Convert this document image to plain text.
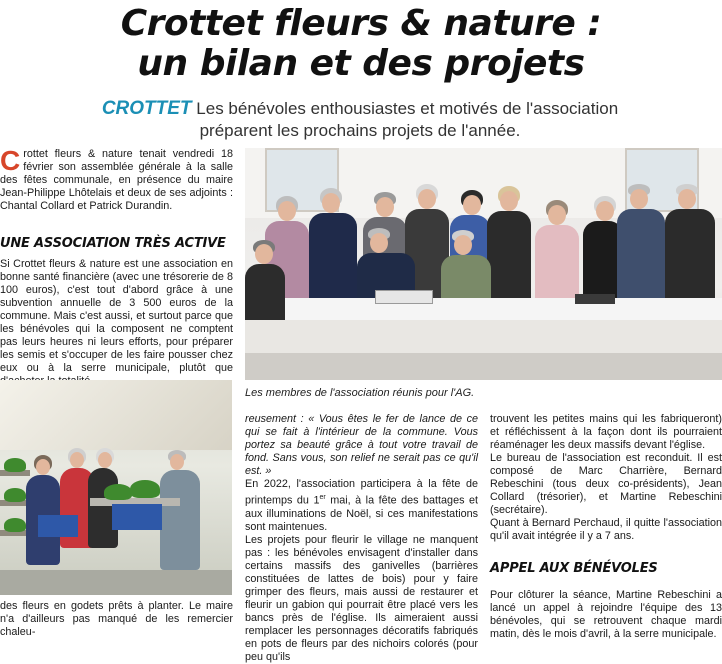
Crottet fleurs & nature :
un bilan et des projets
CROTTET Les bénévoles enthousiastes et motivés de l'association
préparent les prochains projets de l'année.
Crottet fleurs & nature tenait vendredi 18 février son assemblée générale à la salle des fêtes communale, en présence du maire Jean-Philippe Lhôtelais et deux de ses adjoints : Chantal Collard et Patrick Durandin.
UNE ASSOCIATION TRÈS ACTIVE
Si Crottet fleurs & nature est une association en bonne santé financière (avec une trésorerie de 8 100 euros), c'est tout d'abord grâce à une subvention annuelle de 3 500 euros de la commune. Mais c'est aussi, et surtout parce que les bénévoles qui la composent ne comptent pas leurs heures ni leurs efforts, pour préparer les semis et s'occuper de les faire pousser chez eux ou à la serre municipale, plutôt que
des fleurs en godets prêts à planter. Le maire n'a d'ailleurs pas manqué de les remercier chaleu-
Les membres de l'association réunis pour l'AG.

reusement : « Vous êtes le fer de lance de ce qui se fait à l'intérieur de la commune. Vous portez sa beauté grâce à tout votre travail de fond. Sans vous, son relief ne serait pas ce qu'il est. »

En 2022, l'association participera à la fête de printemps du 1er mai, à la fête des battages et aux illuminations de Noël, si ces manifestations sont maintenues.

Les projets pour fleurir le village ne manquent pas : les bénévoles envisagent d'installer dans certains massifs des ganivelles (barrières constituées de lattes de bois) pour y faire grimper des fleurs, mais aussi de restaurer et fleurir un gabion qui pourrait être placé vers les bancs près de l'église. Ils aimeraient aussi remplacer les personnages décoratifs fabriqués en pots de fleurs par des nichoirs colorés (pour peu qu'ils

trouvent les petites mains qui les fabriqueront) et réfléchissent à la façon dont ils pourraient réaménager les deux massifs devant l'église.

Le bureau de l'association est reconduit. Il est composé de Marc Charrière, Bernard Rebeschini (tous deux co-présidents), Jean Collard (trésorier), et Martine Rebeschini (secrétaire).

Quant à Bernard Perchaud, il quitte l'association qu'il avait intégrée il y a 7 ans.

APPEL AUX BÉNÉVOLES
Pour clôturer la séance, Martine Rebeschini a lancé un appel à rejoindre l'équipe des 13 bénévoles, qui se retrouvent chaque mardi matin, dès le mois d'avril, à la serre municipale.
